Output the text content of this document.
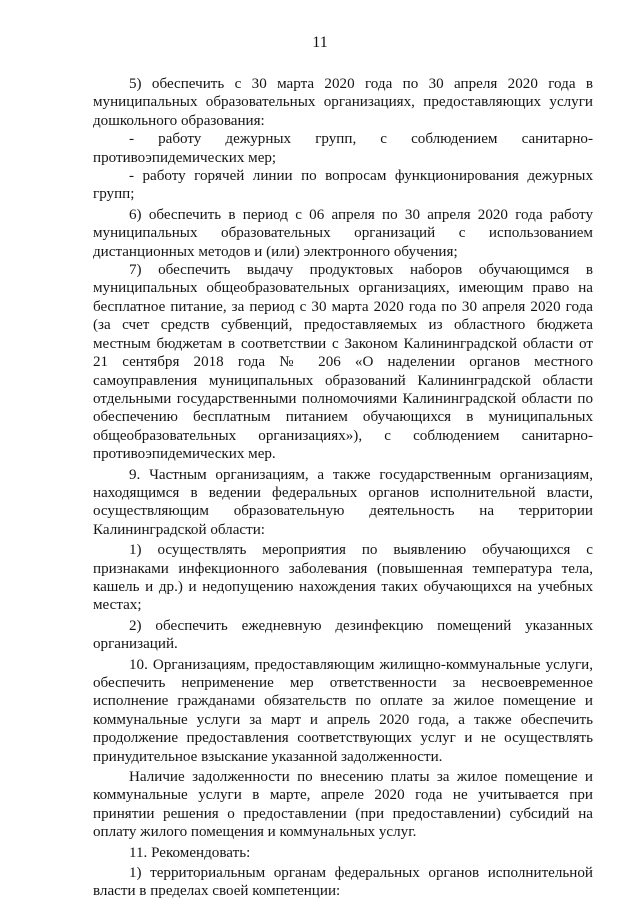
11

5) обеспечить с 30 марта 2020 года по 30 апреля 2020 года в муниципальных образовательных организациях, предоставляющих услуги дошкольного образования:

- работу дежурных групп, с соблюдением санитарно-противоэпидемических мер;

- работу горячей линии по вопросам функционирования дежурных групп;

6) обеспечить в период с 06 апреля по 30 апреля 2020 года работу муниципальных образовательных организаций с использованием дистанционных методов и (или) электронного обучения;

7) обеспечить выдачу продуктовых наборов обучающимся в муниципальных общеобразовательных организациях, имеющим право на бесплатное питание, за период с 30 марта 2020 года по 30 апреля 2020 года (за счет средств субвенций, предоставляемых из областного бюджета местным бюджетам в соответствии с Законом Калининградской области от 21 сентября 2018 года № 206 «О наделении органов местного самоуправления муниципальных образований Калининградской области отдельными государственными полномочиями Калининградской области по обеспечению бесплатным питанием обучающихся в муниципальных общеобразовательных организациях»), с соблюдением санитарно-противоэпидемических мер.

9. Частным организациям, а также государственным организациям, находящимся в ведении федеральных органов исполнительной власти, осуществляющим образовательную деятельность на территории Калининградской области:

1) осуществлять мероприятия по выявлению обучающихся с признаками инфекционного заболевания (повышенная температура тела, кашель и др.) и недопущению нахождения таких обучающихся на учебных местах;

2) обеспечить ежедневную дезинфекцию помещений указанных организаций.

10. Организациям, предоставляющим жилищно-коммунальные услуги, обеспечить неприменение мер ответственности за несвоевременное исполнение гражданами обязательств по оплате за жилое помещение и коммунальные услуги за март и апрель 2020 года, а также обеспечить продолжение предоставления соответствующих услуг и не осуществлять принудительное взыскание указанной задолженности.

Наличие задолженности по внесению платы за жилое помещение и коммунальные услуги в марте, апреле 2020 года не учитывается при принятии решения о предоставлении (при предоставлении) субсидий на оплату жилого помещения и коммунальных услуг.

11. Рекомендовать:

1) территориальным органам федеральных органов исполнительной власти в пределах своей компетенции:
